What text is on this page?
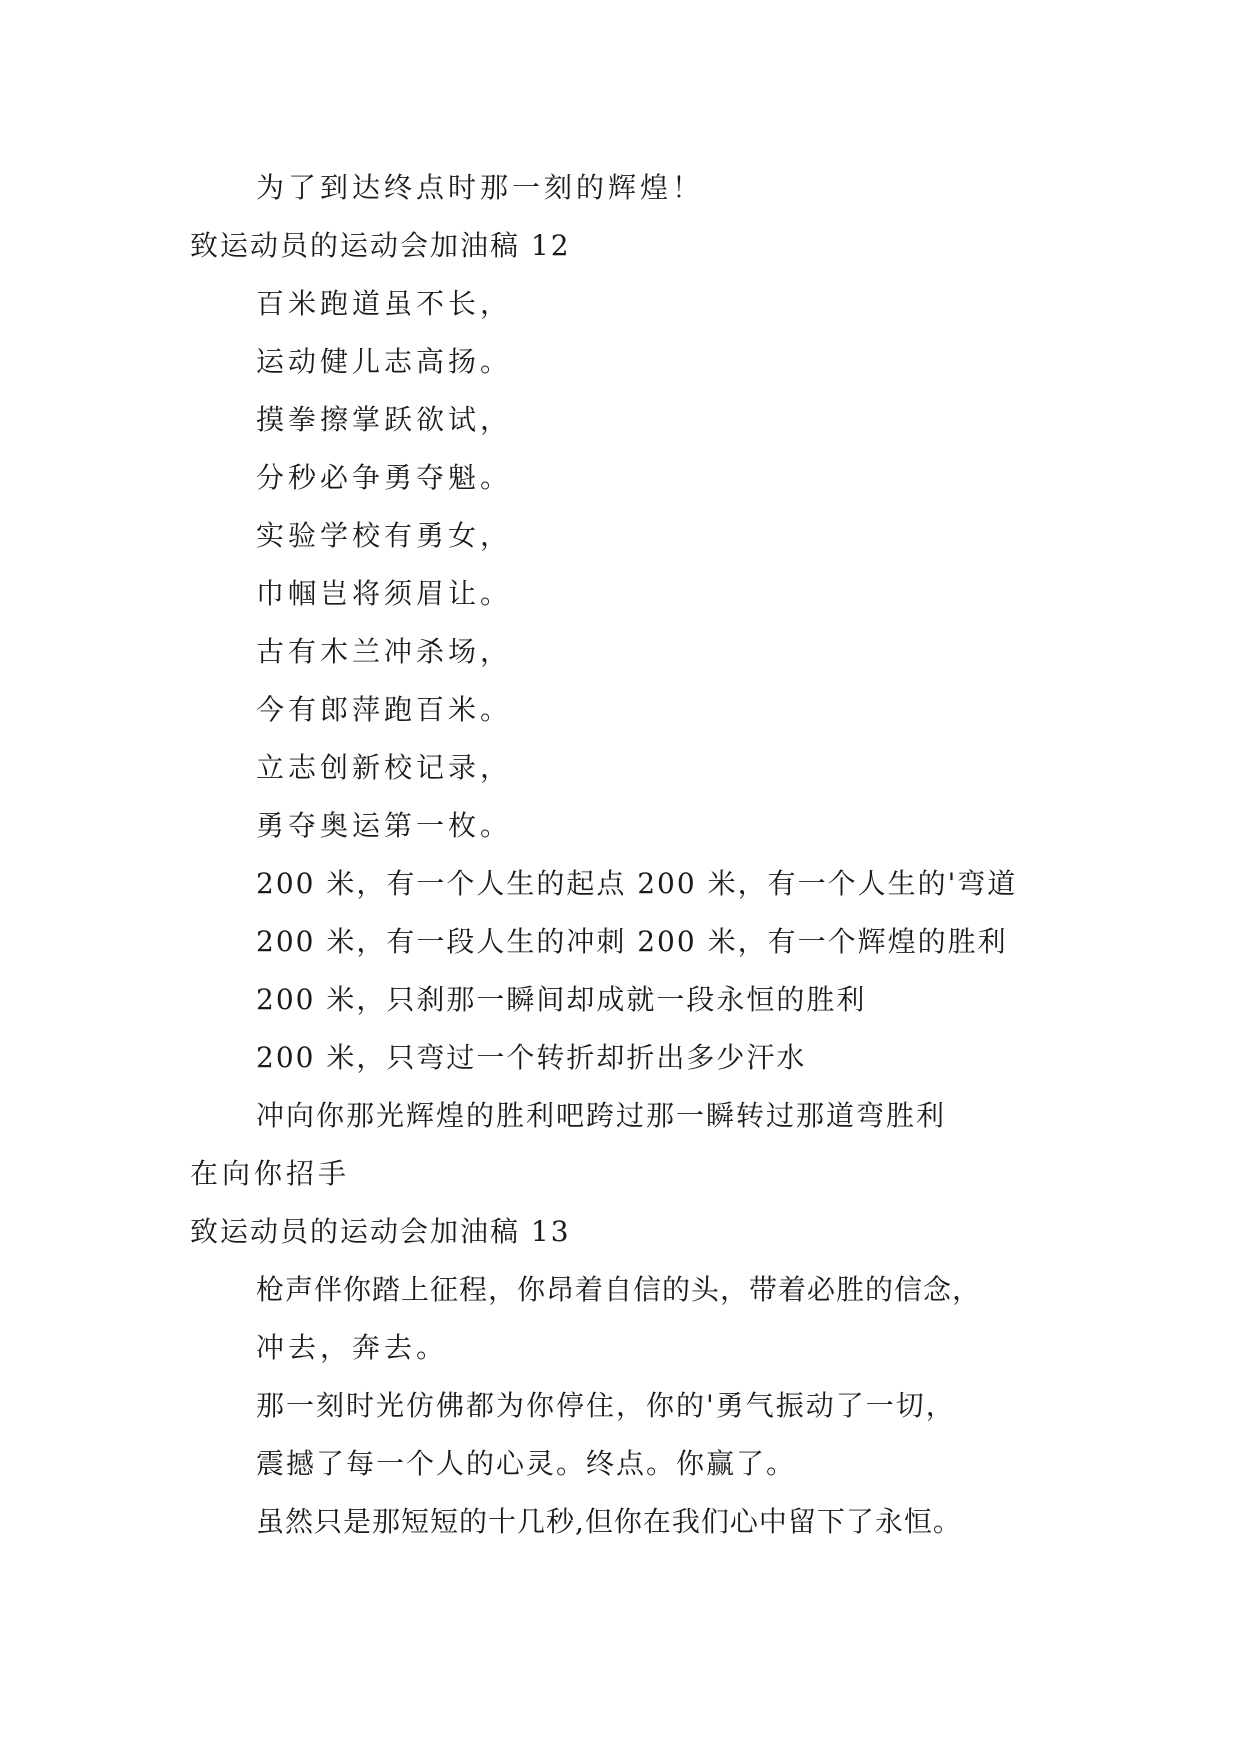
为了到达终点时那一刻的辉煌！
致运动员的运动会加油稿 12
百米跑道虽不长，
运动健儿志高扬。
摸拳擦掌跃欲试，
分秒必争勇夺魁。
实验学校有勇女，
巾帼岂将须眉让。
古有木兰冲杀场，
今有郎萍跑百米。
立志创新校记录，
勇夺奥运第一枚。
200 米，有一个人生的起点 200 米，有一个人生的'弯道
200 米，有一段人生的冲刺 200 米，有一个辉煌的胜利
200 米，只刹那一瞬间却成就一段永恒的胜利
200 米，只弯过一个转折却折出多少汗水
冲向你那光辉煌的胜利吧跨过那一瞬转过那道弯胜利
在向你招手
致运动员的运动会加油稿 13
枪声伴你踏上征程，你昂着自信的头，带着必胜的信念，
冲去，奔去。
那一刻时光仿佛都为你停住，你的'勇气振动了一切，
震撼了每一个人的心灵。终点。你赢了。
虽然只是那短短的十几秒,但你在我们心中留下了永恒。
